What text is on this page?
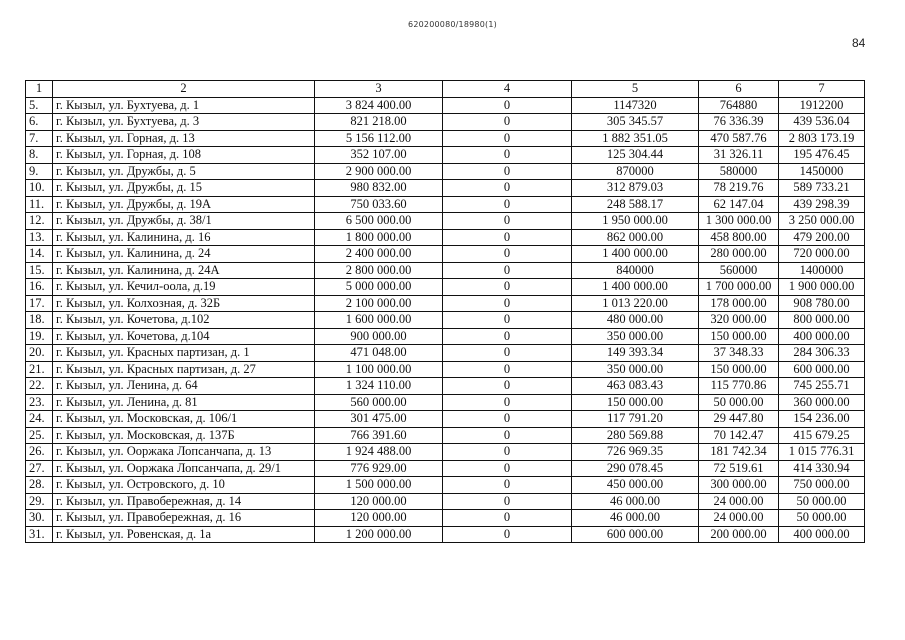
620200080/18980(1)
84
1	2	3	4	5	6	7
5.	г. Кызыл, ул. Бухтуева, д. 1	3 824 400.00	0	1147320	764880	1912200
6.	г. Кызыл, ул. Бухтуева, д. 3	821 218.00	0	305 345.57	76 336.39	439 536.04
7.	г. Кызыл, ул. Горная, д. 13	5 156 112.00	0	1 882 351.05	470 587.76	2 803 173.19
8.	г. Кызыл, ул. Горная, д. 108	352 107.00	0	125 304.44	31 326.11	195 476.45
9.	г. Кызыл, ул. Дружбы, д. 5	2 900 000.00	0	870000	580000	1450000
10.	г. Кызыл, ул. Дружбы, д. 15	980 832.00	0	312 879.03	78 219.76	589 733.21
11.	г. Кызыл, ул. Дружбы, д. 19А	750 033.60	0	248 588.17	62 147.04	439 298.39
12.	г. Кызыл, ул. Дружбы, д. 38/1	6 500 000.00	0	1 950 000.00	1 300 000.00	3 250 000.00
13.	г. Кызыл, ул. Калинина, д. 16	1 800 000.00	0	862 000.00	458 800.00	479 200.00
14.	г. Кызыл, ул. Калинина, д. 24	2 400 000.00	0	1 400 000.00	280 000.00	720 000.00
15.	г. Кызыл, ул. Калинина, д. 24А	2 800 000.00	0	840000	560000	1400000
16.	г. Кызыл, ул. Кечил-оола, д.19	5 000 000.00	0	1 400 000.00	1 700 000.00	1 900 000.00
17.	г. Кызыл, ул. Колхозная, д. 32Б	2 100 000.00	0	1 013 220.00	178 000.00	908 780.00
18.	г. Кызыл, ул. Кочетова, д.102	1 600 000.00	0	480 000.00	320 000.00	800 000.00
19.	г. Кызыл, ул. Кочетова, д.104	900 000.00	0	350 000.00	150 000.00	400 000.00
20.	г. Кызыл, ул. Красных партизан, д. 1	471 048.00	0	149 393.34	37 348.33	284 306.33
21.	г. Кызыл, ул. Красных партизан, д. 27	1 100 000.00	0	350 000.00	150 000.00	600 000.00
22.	г. Кызыл, ул. Ленина, д. 64	1 324 110.00	0	463 083.43	115 770.86	745 255.71
23.	г. Кызыл, ул. Ленина, д. 81	560 000.00	0	150 000.00	50 000.00	360 000.00
24.	г. Кызыл, ул. Московская, д. 106/1	301 475.00	0	117 791.20	29 447.80	154 236.00
25.	г. Кызыл, ул. Московская, д. 137Б	766 391.60	0	280 569.88	70 142.47	415 679.25
26.	г. Кызыл, ул. Ооржака Лопсанчапа, д. 13	1 924 488.00	0	726 969.35	181 742.34	1 015 776.31
27.	г. Кызыл, ул. Ооржака Лопсанчапа, д. 29/1	776 929.00	0	290 078.45	72 519.61	414 330.94
28.	г. Кызыл, ул. Островского, д. 10	1 500 000.00	0	450 000.00	300 000.00	750 000.00
29.	г. Кызыл, ул. Правобережная, д. 14	120 000.00	0	46 000.00	24 000.00	50 000.00
30.	г. Кызыл, ул. Правобережная, д. 16	120 000.00	0	46 000.00	24 000.00	50 000.00
31.	г. Кызыл, ул. Ровенская, д. 1а	1 200 000.00	0	600 000.00	200 000.00	400 000.00
